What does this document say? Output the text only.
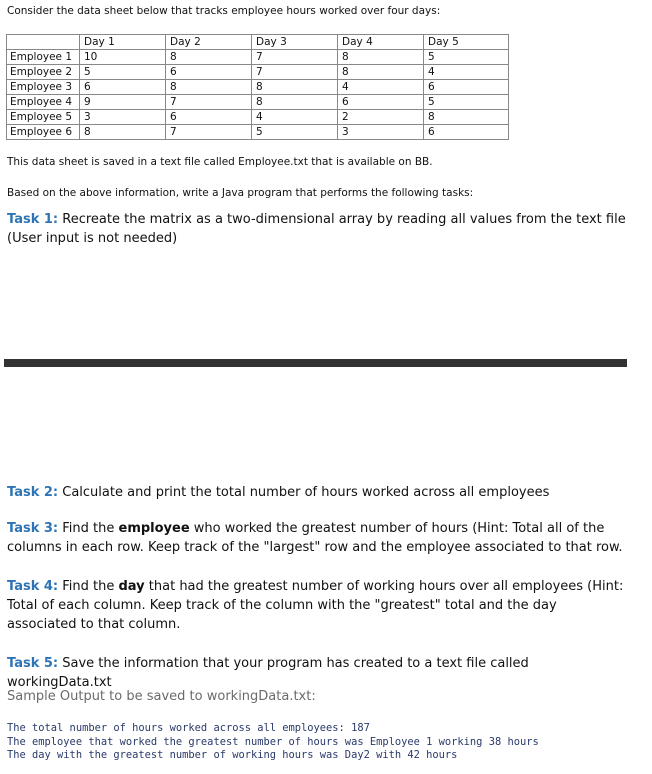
Consider the data sheet below that tracks employee hours worked over four days:
	Day 1	Day 2	Day 3	Day 4	Day 5
Employee 1	10	8	7	8	5
Employee 2	5	6	7	8	4
Employee 3	6	8	8	4	6
Employee 4	9	7	8	6	5
Employee 5	3	6	4	2	8
Employee 6	8	7	5	3	6
This data sheet is saved in a text file called Employee.txt that is available on BB.
Based on the above information, write a Java program that performs the following tasks:
Task 1: Recreate the matrix as a two-dimensional array by reading all values from the text file (User input is not needed)
Task 2: Calculate and print the total number of hours worked across all employees
Task 3: Find the employee who worked the greatest number of hours (Hint: Total all of the columns in each row. Keep track of the "largest" row and the employee associated to that row.
Task 4: Find the day that had the greatest number of working hours over all employees (Hint: Total of each column. Keep track of the column with the "greatest" total and the day associated to that column.
Task 5: Save the information that your program has created to a text file called workingData.txt
Sample Output to be saved to workingData.txt:
The total number of hours worked across all employees: 187
The employee that worked the greatest number of hours was Employee 1 working 38 hours
The day with the greatest number of working hours was Day2 with 42 hours
